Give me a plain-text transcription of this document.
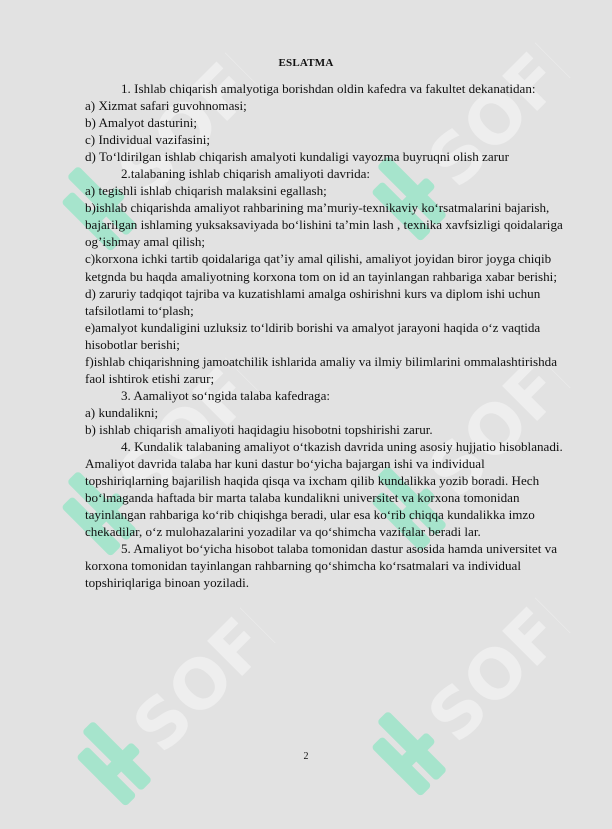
SOFF
SOFF
SOFF
SOFF
SOFF
SOFF
ESLATMA

1. Ishlab chiqarish amalyotiga borishdan oldin kafedra va fakultet dekanatidan:

a) Xizmat safari guvohnomasi;

b) Amalyot dasturini;

c) Individual vazifasini;

d) To‘ldirilgan ishlab chiqarish amalyoti kundaligi vayozma buyruqni olish zarur

2.talabaning ishlab chiqarish amaliyoti davrida:

a) tegishli ishlab chiqarish malaksini egallash;

b)ishlab chiqarishda amaliyot rahbarining ma’muriy-texnikaviy ko‘rsatmalarini bajarish, bajarilgan ishlaming yuksaksaviyada bo‘lishini ta’min lash , texnika xavfsizligi qoidalariga og’ishmay amal qilish;

c)korxona ichki tartib qoidalariga qat’iy amal qilishi, amaliyot joyidan biror joyga chiqib ketgnda bu haqda amaliyotning korxona tom on id an tayinlangan rahbariga xabar berishi;

d) zaruriy tadqiqot tajriba va kuzatishlami amalga oshirishni kurs va diplom ishi uchun tafsilotlami to‘plash;

e)amalyot kundaligini uzluksiz to‘ldirib borishi va amalyot jarayoni haqida o‘z vaqtida hisobotlar berishi;

f)ishlab chiqarishning jamoatchilik ishlarida amaliy va ilmiy bilimlarini ommalashtirishda faol ishtirok etishi zarur;

3. Aamaliyot so‘ngida talaba kafedraga:

a) kundalikni;

b) ishlab chiqarish amaliyoti haqidagiu hisobotni topshirishi zarur.

4. Kundalik talabaning amaliyot o‘tkazish davrida uning asosiy hujjatio hisoblanadi. Amaliyot davrida talaba har kuni dastur bo‘yicha bajargan ishi va individual topshiriqlarning bajarilish haqida qisqa va ixcham qilib kundalikka yozib boradi. Hech bo‘lmaganda haftada bir marta talaba kundalikni universitet va korxona tomonidan tayinlangan rahbariga ko‘rib chiqishga beradi, ular esa ko‘rib chiqqa kundalikka imzo chekadilar, o‘z mulohazalarini yozadilar va qo‘shimcha vazifalar beradi lar.

5. Amaliyot bo‘yicha hisobot talaba tomonidan dastur asosida hamda universitet va korxona tomonidan tayinlangan rahbarning qo‘shimcha ko‘rsatmalari va individual topshiriqlariga binoan yoziladi.

2
